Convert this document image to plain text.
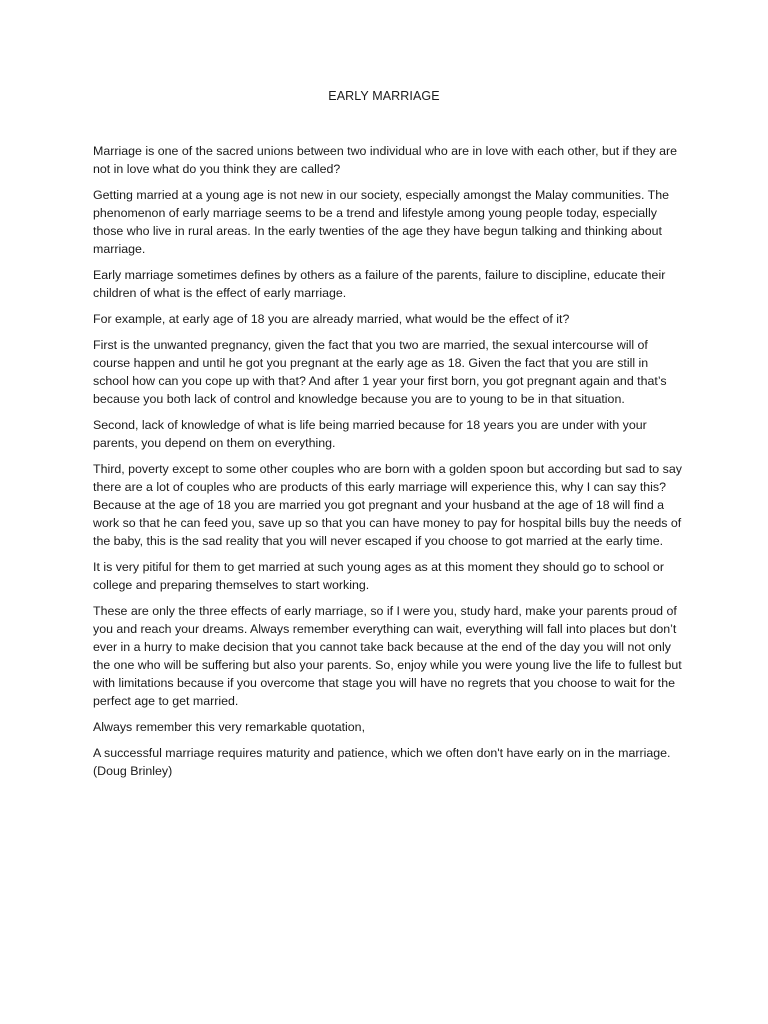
EARLY MARRIAGE

Marriage is one of the sacred unions between two individual who are in love with each other, but if they are not in love what do you think they are called?

Getting married at a young age is not new in our society, especially amongst the Malay communities. The phenomenon of early marriage seems to be a trend and lifestyle among young people today, especially those who live in rural areas. In the early twenties of the age they have begun talking and thinking about marriage.

Early marriage sometimes defines by others as a failure of the parents, failure to discipline, educate their children of what is the effect of early marriage.

For example, at early age of 18 you are already married, what would be the effect of it?

First is the unwanted pregnancy, given the fact that you two are married, the sexual intercourse will of course happen and until he got you pregnant at the early age as 18. Given the fact that you are still in school how can you cope up with that? And after 1 year your first born, you got pregnant again and that’s because you both lack of control and knowledge because you are to young to be in that situation.

Second, lack of knowledge of what is life being married because for 18 years you are under with your parents, you depend on them on everything.

Third, poverty except to some other couples who are born with a golden spoon but according but sad to say there are a lot of couples who are products of this early marriage will experience this, why I can say this? Because at the age of 18 you are married you got pregnant and your husband at the age of 18 will find a work so that he can feed you, save up so that you can have money to pay for hospital bills buy the needs of the baby, this is the sad reality that you will never escaped if you choose to got married at the early time.

It is very pitiful for them to get married at such young ages as at this moment they should go to school or college and preparing themselves to start working.

These are only the three effects of early marriage, so if I were you, study hard, make your parents proud of you and reach your dreams. Always remember everything can wait, everything will fall into places but don’t ever in a hurry to make decision that you cannot take back because at the end of the day you will not only the one who will be suffering but also your parents. So, enjoy while you were young live the life to fullest but with limitations because if you overcome that stage you will have no regrets that you choose to wait for the perfect age to get married.

Always remember this very remarkable quotation,

A successful marriage requires maturity and patience, which we often don't have early on in the marriage. (Doug Brinley)
